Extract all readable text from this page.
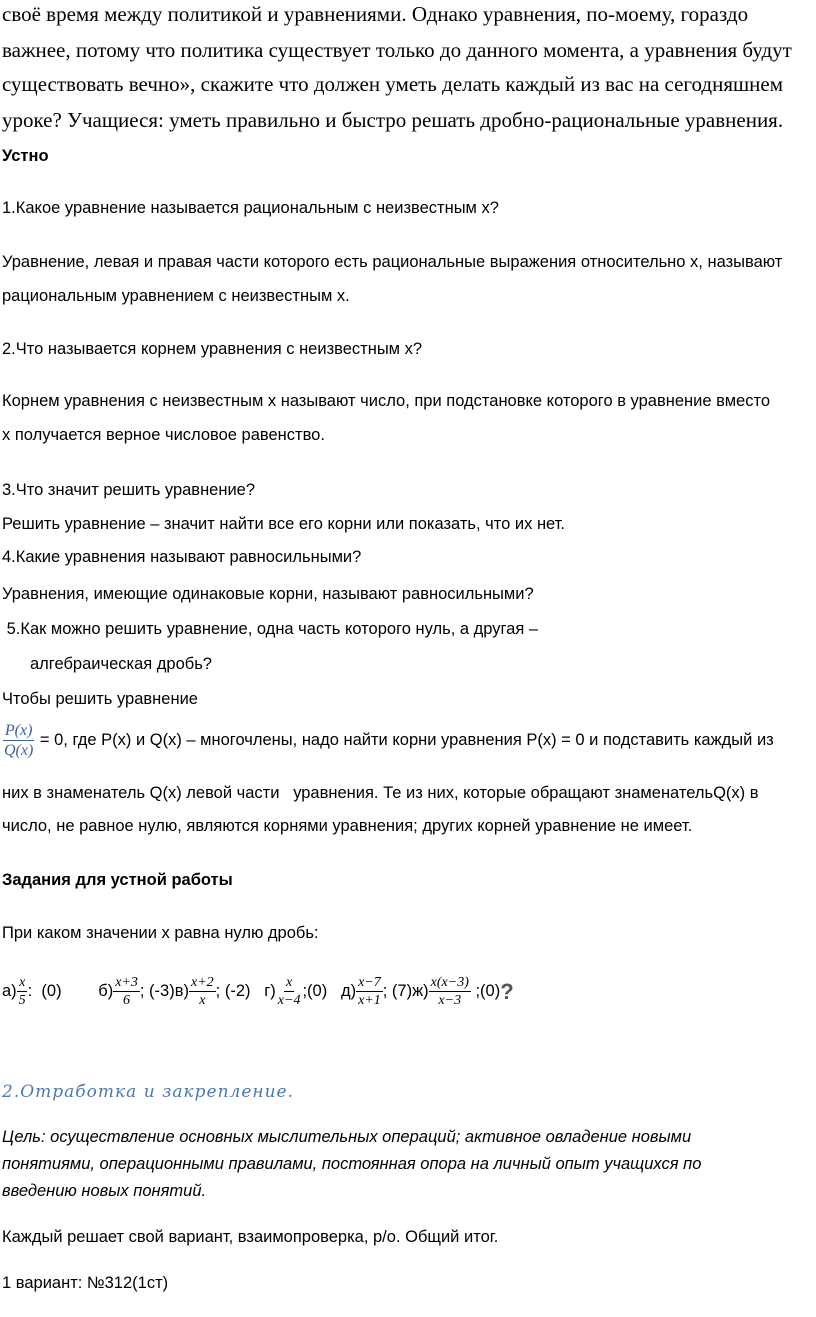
своё время между политикой и уравнениями. Однако уравнения, по-моему, гораздо
важнее, потому что политика существует только до данного момента, а уравнения будут
существовать вечно», скажите что должен уметь делать каждый из вас на сегодняшнем
уроке? Учащиеся: уметь правильно и быстро решать дробно-рациональные уравнения.
Устно
1.Какое уравнение называется рациональным с неизвестным х?
Уравнение, левая и правая части которого есть рациональные выражения относительно х, называют
рациональным уравнением с неизвестным х.
2.Что называется корнем уравнения с неизвестным х?
Корнем уравнения с неизвестным х называют число, при подстановке которого в уравнение вместо
х получается верное числовое равенство.
3.Что значит решить уравнение?
Решить уравнение – значит найти все его корни или показать, что их нет.
4.Какие уравнения называют равносильными?
Уравнения, имеющие одинаковые корни, называют равносильными?
5.Как можно решить уравнение, одна часть которого нуль, а другая –
алгебраическая дробь?
Чтобы решить уравнение
$\frac{P(x)}{Q(x)} = 0$, где Р(х) и Q(х) – многочлены, надо найти корни уравнения Р(х) = 0 и подставить каждый из
них в знаменатель Q(х) левой части   уравнения. Те из них, которые обращают знаменательQ(х) в
число, не равное нулю, являются корнями уравнения; других корней уравнение не имеет.
Задания для устной работы
При каком значении х равна нулю дробь:
$а) \frac{x}{5}$ :  (0) $б) \frac{x+3}{6}$ ; (-3) $в) \frac{x+2}{x}$ ; (-2) $г) \frac{x}{x-4}$ ;(0) $д) \frac{x-7}{x+1}$ ; (7) $ж) \frac{x(x-3)}{x-3}$ ;(0) ?
2.Отработка и закрепление.
Цель: осуществление основных мыслительных операций; активное овладение новыми
понятиями, операционными правилами, постоянная опора на личный опыт учащихся по
введению новых понятий.
Каждый решает свой вариант, взаимопроверка, р/о. Общий итог.
1 вариант: №312(1ст)
